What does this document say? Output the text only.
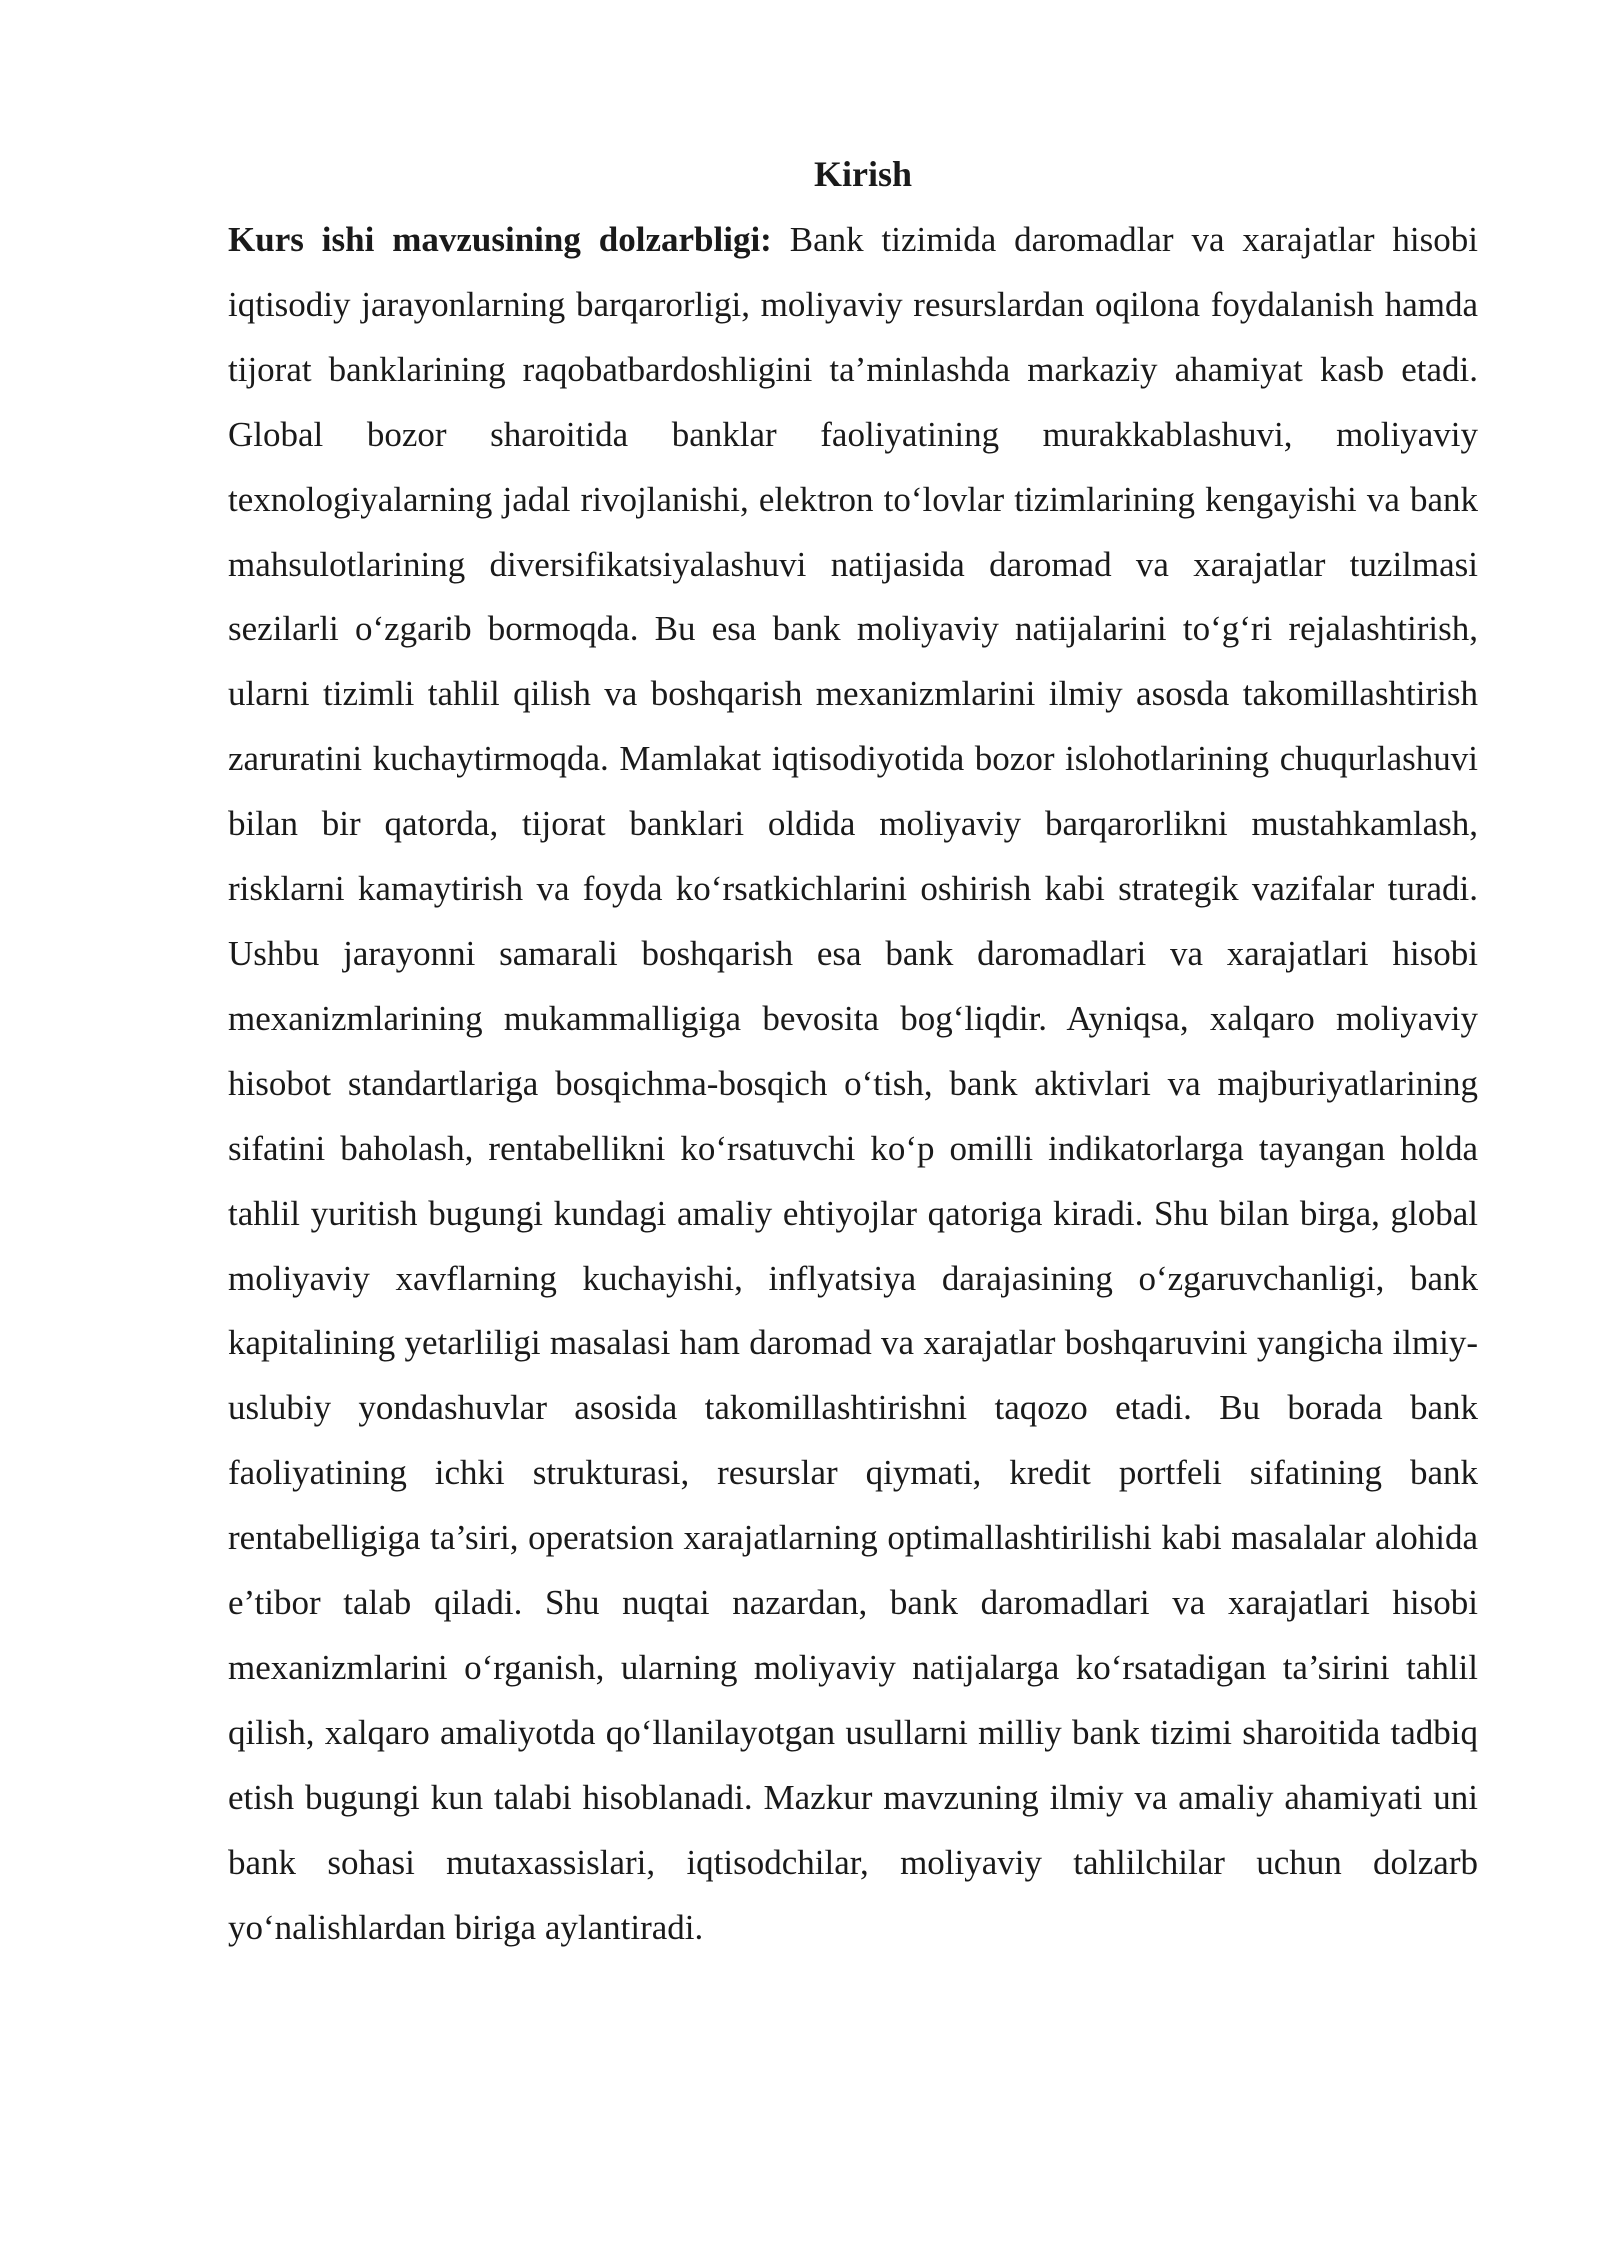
Kirish

Kurs ishi mavzusining dolzarbligi: Bank tizimida daromadlar va xarajatlar hisobi iqtisodiy jarayonlarning barqarorligi, moliyaviy resurslardan oqilona foydalanish hamda tijorat banklarining raqobatbardoshligini ta’minlashda markaziy ahamiyat kasb etadi. Global bozor sharoitida banklar faoliyatining murakkablashuvi, moliyaviy texnologiyalarning jadal rivojlanishi, elektron to‘lovlar tizimlarining kengayishi va bank mahsulotlarining diversifikatsiyalashuvi natijasida daromad va xarajatlar tuzilmasi sezilarli o‘zgarib bormoqda. Bu esa bank moliyaviy natijalarini to‘g‘ri rejalashtirish, ularni tizimli tahlil qilish va boshqarish mexanizmlarini ilmiy asosda takomillashtirish zaruratini kuchaytirmoqda. Mamlakat iqtisodiyotida bozor islohotlarining chuqurlashuvi bilan bir qatorda, tijorat banklari oldida moliyaviy barqarorlikni mustahkamlash, risklarni kamaytirish va foyda ko‘rsatkichlarini oshirish kabi strategik vazifalar turadi. Ushbu jarayonni samarali boshqarish esa bank daromadlari va xarajatlari hisobi mexanizmlarining mukammalligiga bevosita bog‘liqdir. Ayniqsa, xalqaro moliyaviy hisobot standartlariga bosqichma-bosqich o‘tish, bank aktivlari va majburiyatlarining sifatini baholash, rentabellikni ko‘rsatuvchi ko‘p omilli indikatorlarga tayangan holda tahlil yuritish bugungi kundagi amaliy ehtiyojlar qatoriga kiradi. Shu bilan birga, global moliyaviy xavflarning kuchayishi, inflyatsiya darajasining o‘zgaruvchanligi, bank kapitalining yetarliligi masalasi ham daromad va xarajatlar boshqaruvini yangicha ilmiy-uslubiy yondashuvlar asosida takomillashtirishni taqozo etadi. Bu borada bank faoliyatining ichki strukturasi, resurslar qiymati, kredit portfeli sifatining bank rentabelligiga ta’siri, operatsion xarajatlarning optimallashtirilishi kabi masalalar alohida e’tibor talab qiladi. Shu nuqtai nazardan, bank daromadlari va xarajatlari hisobi mexanizmlarini o‘rganish, ularning moliyaviy natijalarga ko‘rsatadigan ta’sirini tahlil qilish, xalqaro amaliyotda qo‘llanilayotgan usullarni milliy bank tizimi sharoitida tadbiq etish bugungi kun talabi hisoblanadi. Mazkur mavzuning ilmiy va amaliy ahamiyati uni bank sohasi mutaxassislari, iqtisodchilar, moliyaviy tahlilchilar uchun dolzarb yo‘nalishlardan biriga aylantiradi.
